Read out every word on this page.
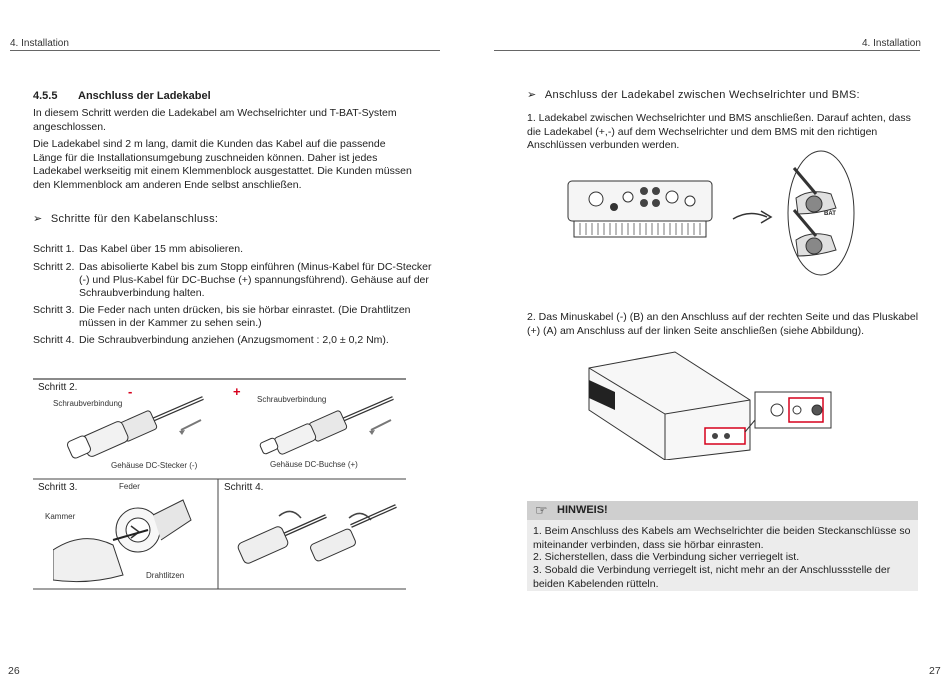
4. Installation
4.5.5 Anschluss der Ladekabel
In diesem Schritt werden die Ladekabel am Wechselrichter und T-BAT-System angeschlossen.
Die Ladekabel sind 2 m lang, damit die Kunden das Kabel auf die passende Länge für die Installationsumgebung zuschneiden können. Daher ist jedes Ladekabel werkseitig mit einem Klemmenblock ausgestattet. Die Kunden müssen den Klemmenblock am anderen Ende selbst anschließen.
➢ Schritte für den Kabelanschluss:
Schritt 1. Das Kabel über 15 mm abisolieren.
Schritt 2. Das abisolierte Kabel bis zum Stopp einführen (Minus-Kabel für DC-Stecker (-) und Plus-Kabel für DC-Buchse (+) spannungsführend). Gehäuse auf der Schraubverbindung halten.
Schritt 3. Die Feder nach unten drücken, bis sie hörbar einrastet. (Die Drahtlitzen müssen in der Kammer zu sehen sein.)
Schritt 4. Die Schraubverbindung anziehen (Anzugsmoment : 2,0 ± 0,2 Nm).
Schritt 2.	-	+
Schraubverbindung	Schraubverbindung
Gehäuse DC-Stecker (-)	Gehäuse DC-Buchse (+)
Schritt 3.	Feder
Kammer
Drahtlitzen
Schritt 4.
26
4. Installation
➢ Anschluss der Ladekabel zwischen Wechselrichter und BMS:
1. Ladekabel zwischen Wechselrichter und BMS anschließen. Darauf achten, dass die Ladekabel (+,-) auf dem Wechselrichter und dem BMS mit den richtigen Anschlüssen verbunden werden.
BAT
2. Das Minuskabel (-) (B) an den Anschluss auf der rechten Seite und das Pluskabel (+) (A) am Anschluss auf der linken Seite anschließen (siehe Abbildung).
☞ HINWEIS!
1. Beim Anschluss des Kabels am Wechselrichter die beiden Steckanschlüsse so miteinander verbinden, dass sie hörbar einrasten.
2. Sicherstellen, dass die Verbindung sicher verriegelt ist.
3. Sobald die Verbindung verriegelt ist, nicht mehr an der Anschlussstelle der beiden Kabelenden rütteln.
27
